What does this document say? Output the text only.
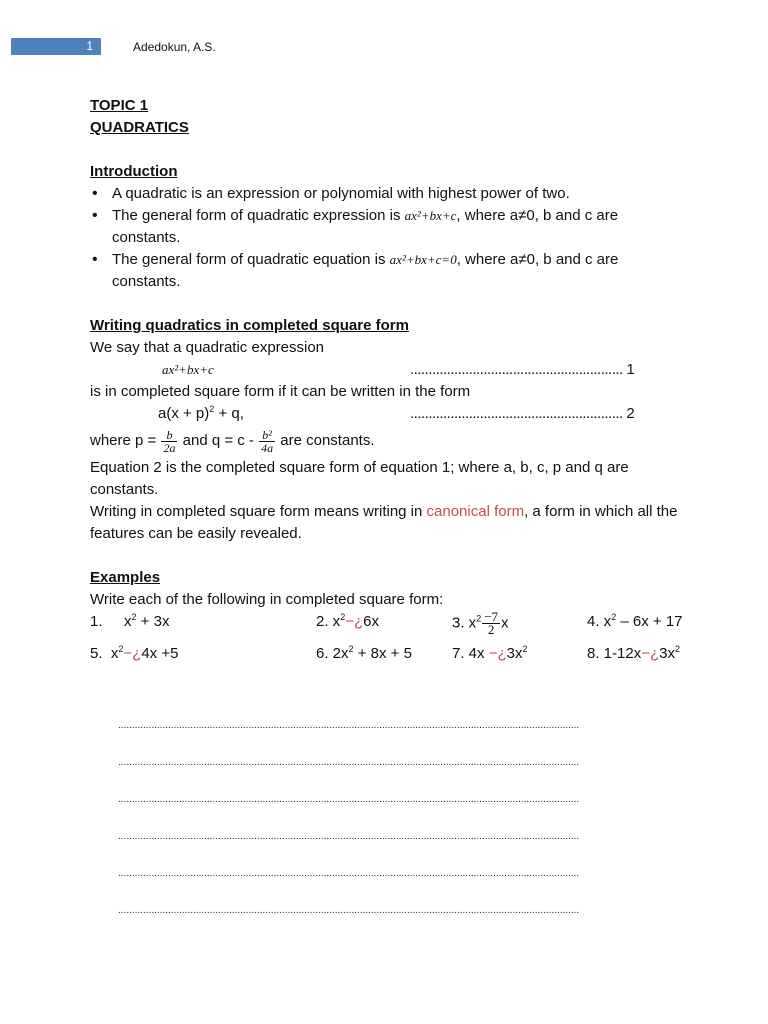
1	Adedokun, A.S.
TOPIC 1
QUADRATICS
Introduction
• A quadratic is an expression or polynomial with highest power of two.
• The general form of quadratic expression is ax²+bx+c, where a≠0, b and c are constants.
• The general form of quadratic equation is ax²+bx+c=0, where a≠0, b and c are constants.
Writing quadratics in completed square form
We say that a quadratic expression
ax²+bx+c	.......................................................... 1
is in completed square form if it can be written in the form
$a(x + p)^2 + q$,	.......................................................... 2
where $p = \frac{b}{2a}$ and $q = c - \frac{\text{b²}}{4a}$ are constants.
Equation 2 is the completed square form of equation 1; where a, b, c, p and q are constants.
Writing in completed square form means writing in canonical form, a form in which all the features can be easily revealed.
Examples
Write each of the following in completed square form:
1. $x^2 + 3x$	2. $x^2-¿6x$	3. $x^2 \frac{-7}{2}$ x	4. $x^2 - 6x + 17$
5.  $x^2-¿4x +5$	6. $2x^2 + 8x + 5$	7. $4x -¿3x^2$	8. $1-12x-¿3x^2$
......................................................................................................................................................................
......................................................................................................................................................................
......................................................................................................................................................................
......................................................................................................................................................................
......................................................................................................................................................................
......................................................................................................................................................................
